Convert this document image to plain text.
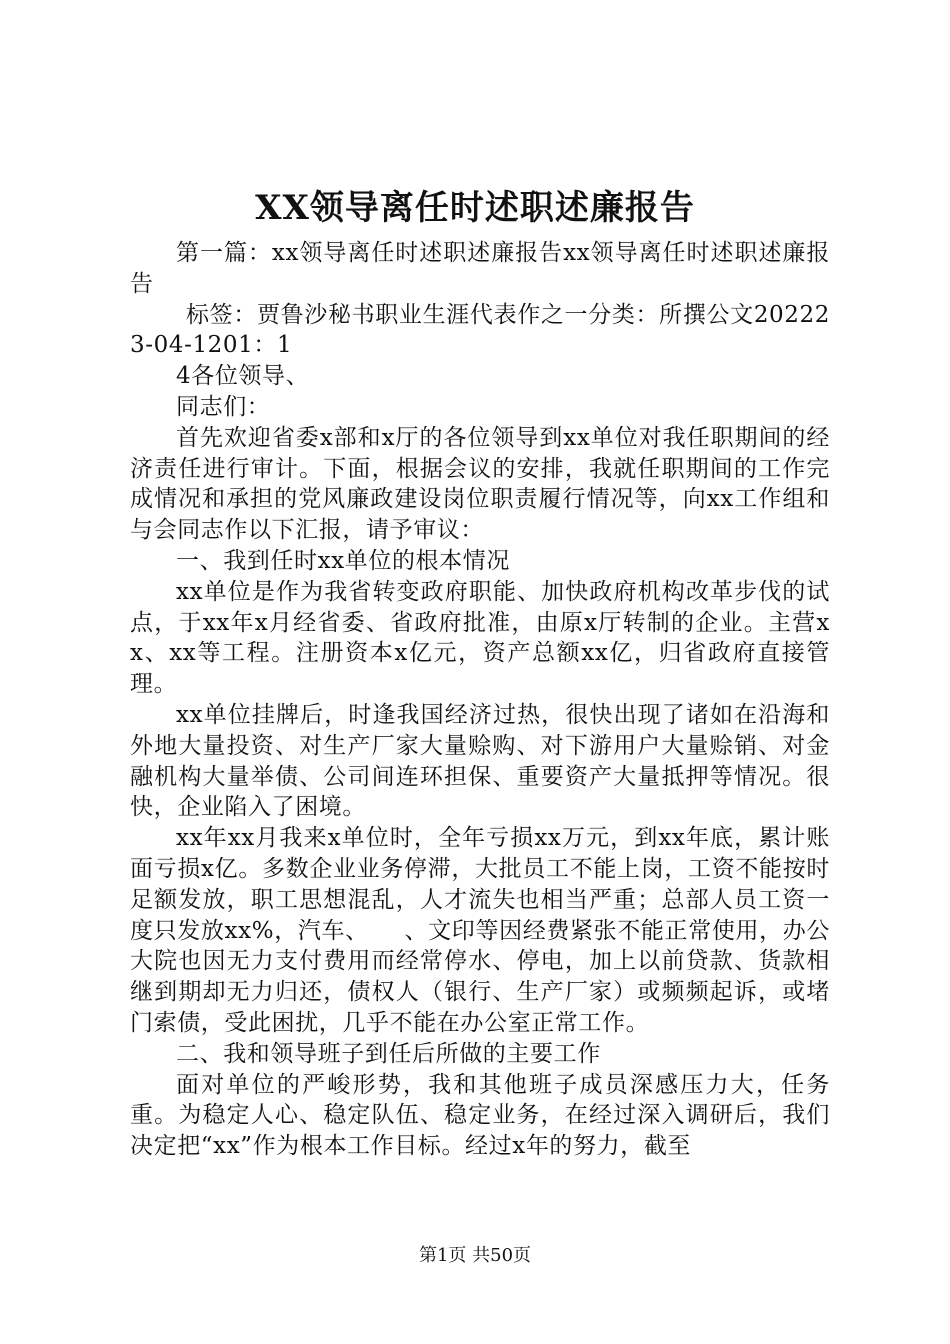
XX领导离任时述职述廉报告

第一篇：xx领导离任时述职述廉报告xx领导离任时述职述廉报告

标签：贾鲁沙秘书职业生涯代表作之一分类：所撰公文202223-04-1201：1

4各位领导、

同志们：

首先欢迎省委x部和x厅的各位领导到xx单位对我任职期间的经济责任进行审计。下面，根据会议的安排，我就任职期间的工作完成情况和承担的党风廉政建设岗位职责履行情况等，向xx工作组和与会同志作以下汇报，请予审议：

一、我到任时xx单位的根本情况

xx单位是作为我省转变政府职能、加快政府机构改革步伐的试点，于xx年x月经省委、省政府批准，由原x厅转制的企业。主营xx、xx等工程。注册资本x亿元，资产总额xx亿，归省政府直接管理。

xx单位挂牌后，时逢我国经济过热，很快出现了诸如在沿海和外地大量投资、对生产厂家大量赊购、对下游用户大量赊销、对金融机构大量举债、公司间连环担保、重要资产大量抵押等情况。很快，企业陷入了困境。

xx年xx月我来x单位时，全年亏损xx万元，到xx年底，累计账面亏损x亿。多数企业业务停滞，大批员工不能上岗，工资不能按时足额发放，职工思想混乱，人才流失也相当严重；总部人员工资一度只发放xx%，汽车、　　、文印等因经费紧张不能正常使用，办公大院也因无力支付费用而经常停水、停电，加上以前贷款、货款相继到期却无力归还，债权人（银行、生产厂家）或频频起诉，或堵门索债，受此困扰，几乎不能在办公室正常工作。

二、我和领导班子到任后所做的主要工作

面对单位的严峻形势，我和其他班子成员深感压力大，任务重。为稳定人心、稳定队伍、稳定业务，在经过深入调研后，我们决定把“xx”作为根本工作目标。经过x年的努力，截至

第1页 共50页
